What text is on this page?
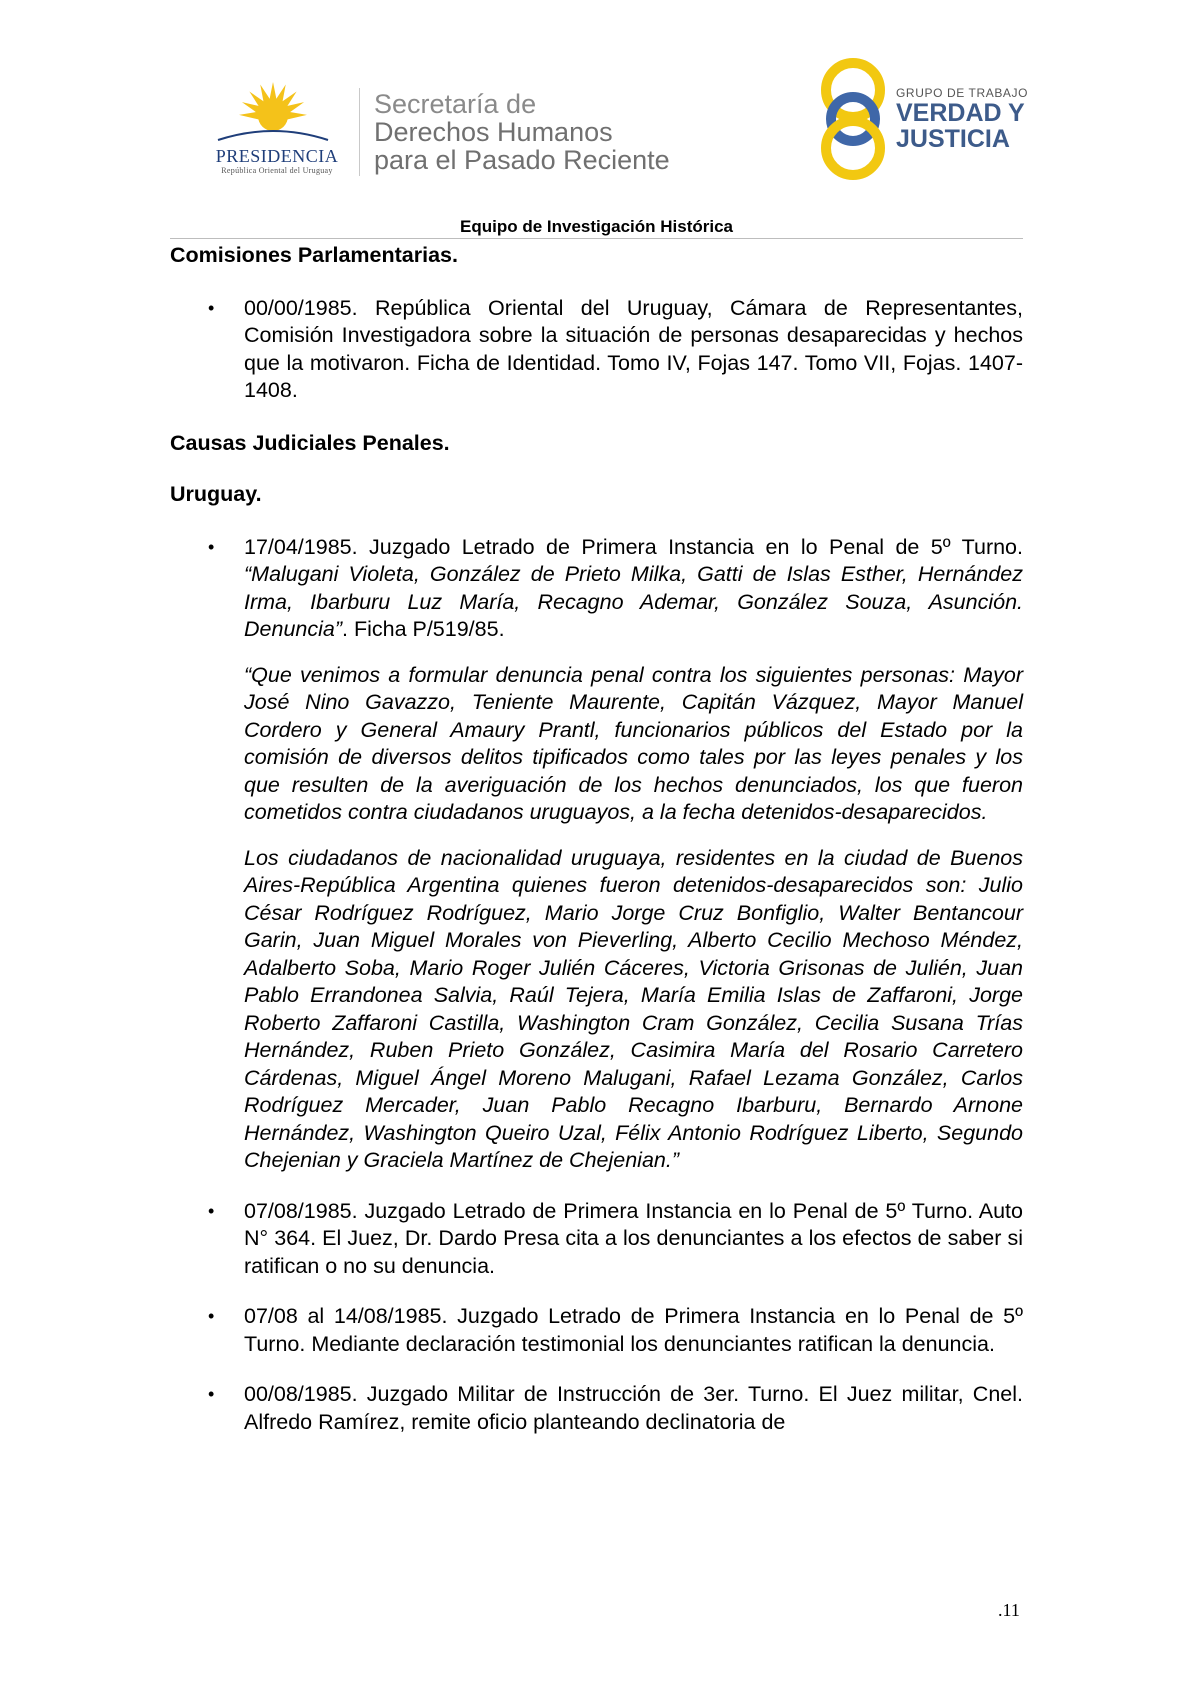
PRESIDENCIA
República Oriental del Uruguay
Secretaría de
Derechos Humanos
para el Pasado Reciente
GRUPO DE TRABAJO
VERDAD Y
JUSTICIA
Equipo de Investigación Histórica

Comisiones Parlamentarias.

• 00/00/1985. República Oriental del Uruguay, Cámara de Representantes, Comisión Investigadora sobre la situación de personas desaparecidas y hechos que la motivaron. Ficha de Identidad. Tomo IV, Fojas 147. Tomo VII, Fojas. 1407- 1408.

Causas Judiciales Penales.

Uruguay.

• 17/04/1985. Juzgado Letrado de Primera Instancia en lo Penal de 5º Turno. “Malugani Violeta, González de Prieto Milka, Gatti de Islas Esther, Hernández Irma, Ibarburu Luz María, Recagno Ademar, González Souza, Asunción. Denuncia”. Ficha P/519/85.
“Que venimos a formular denuncia penal contra los siguientes personas: Mayor José Nino Gavazzo, Teniente Maurente, Capitán Vázquez, Mayor Manuel Cordero y General Amaury Prantl, funcionarios públicos del Estado por la comisión de diversos delitos tipificados como tales por las leyes penales y los que resulten de la averiguación de los hechos denunciados, los que fueron cometidos contra ciudadanos uruguayos, a la fecha detenidos-desaparecidos.
Los ciudadanos de nacionalidad uruguaya, residentes en la ciudad de Buenos Aires-República Argentina quienes fueron detenidos-desaparecidos son: Julio César Rodríguez Rodríguez, Mario Jorge Cruz Bonfiglio, Walter Bentancour Garin, Juan Miguel Morales von Pieverling, Alberto Cecilio Mechoso Méndez, Adalberto Soba, Mario Roger Julién Cáceres, Victoria Grisonas de Julién, Juan Pablo Errandonea Salvia, Raúl Tejera, María Emilia Islas de Zaffaroni, Jorge Roberto Zaffaroni Castilla, Washington Cram González, Cecilia Susana Trías Hernández, Ruben Prieto González, Casimira María del Rosario Carretero Cárdenas, Miguel Ángel Moreno Malugani, Rafael Lezama González, Carlos Rodríguez Mercader, Juan Pablo Recagno Ibarburu, Bernardo Arnone Hernández, Washington Queiro Uzal, Félix Antonio Rodríguez Liberto, Segundo Chejenian y Graciela Martínez de Chejenian.”
• 07/08/1985. Juzgado Letrado de Primera Instancia en lo Penal de 5º Turno. Auto N° 364. El Juez, Dr. Dardo Presa cita a los denunciantes a los efectos de saber si ratifican o no su denuncia.
• 07/08 al 14/08/1985. Juzgado Letrado de Primera Instancia en lo Penal de 5º Turno. Mediante declaración testimonial los denunciantes ratifican la denuncia.
• 00/08/1985. Juzgado Militar de Instrucción de 3er. Turno. El Juez militar, Cnel. Alfredo Ramírez, remite oficio planteando declinatoria de
.11
